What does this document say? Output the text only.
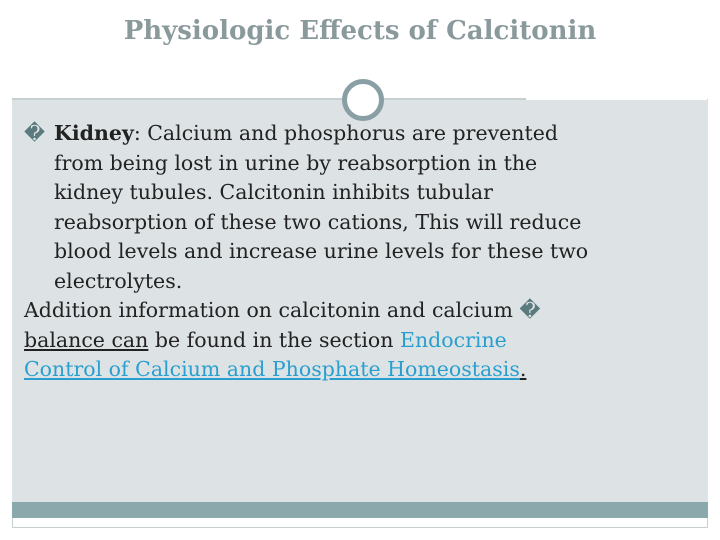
Physiologic Effects of Calcitonin

� Kidney: Calcium and phosphorus are prevented
from being lost in urine by reabsorption in the
kidney tubules. Calcitonin inhibits tubular
reabsorption of these two cations, This will reduce
blood levels and increase urine levels for these two
electrolytes.

Addition information on calcitonin and calcium �
balance can be found in the section Endocrine
Control of Calcium and Phosphate Homeostasis.
